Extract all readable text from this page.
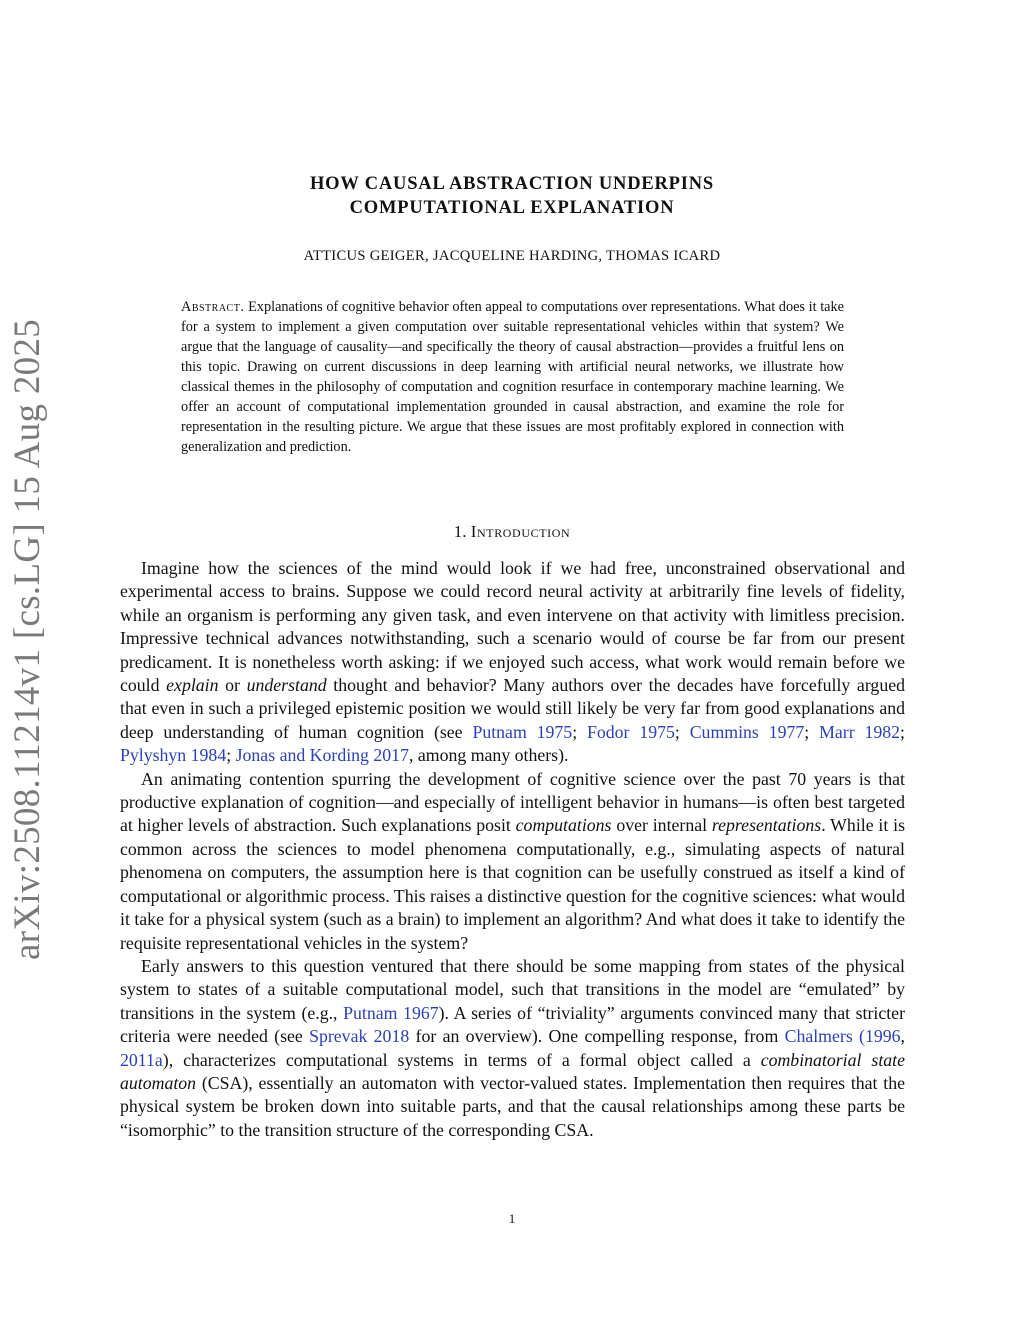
arXiv:2508.11214v1 [cs.LG] 15 Aug 2025
HOW CAUSAL ABSTRACTION UNDERPINS
COMPUTATIONAL EXPLANATION
ATTICUS GEIGER, JACQUELINE HARDING, THOMAS ICARD
Abstract. Explanations of cognitive behavior often appeal to computations over representations. What does it take for a system to implement a given computation over suitable representational vehicles within that system? We argue that the language of causality—and specifically the theory of causal abstraction—provides a fruitful lens on this topic. Drawing on current discussions in deep learning with artificial neural networks, we illustrate how classical themes in the philosophy of computation and cognition resurface in contemporary machine learning. We offer an account of computational implementation grounded in causal abstraction, and examine the role for representation in the resulting picture. We argue that these issues are most profitably explored in connection with generalization and prediction.
1. Introduction

Imagine how the sciences of the mind would look if we had free, unconstrained observational and experimental access to brains. Suppose we could record neural activity at arbitrarily fine levels of fidelity, while an organism is performing any given task, and even intervene on that activity with limitless precision. Impressive technical advances notwithstanding, such a scenario would of course be far from our present predicament. It is nonetheless worth asking: if we enjoyed such access, what work would remain before we could explain or understand thought and behavior? Many authors over the decades have forcefully argued that even in such a privileged epistemic position we would still likely be very far from good explanations and deep understanding of human cognition (see Putnam 1975; Fodor 1975; Cummins 1977; Marr 1982; Pylyshyn 1984; Jonas and Kording 2017, among many others).

An animating contention spurring the development of cognitive science over the past 70 years is that productive explanation of cognition—and especially of intelligent behavior in humans—is often best targeted at higher levels of abstraction. Such explanations posit computations over internal representations. While it is common across the sciences to model phenomena computationally, e.g., simulating aspects of natural phenomena on computers, the assumption here is that cognition can be usefully construed as itself a kind of computational or algorithmic process. This raises a distinctive question for the cognitive sciences: what would it take for a physical system (such as a brain) to implement an algorithm? And what does it take to identify the requisite representational vehicles in the system?

Early answers to this question ventured that there should be some mapping from states of the physical system to states of a suitable computational model, such that transitions in the model are “emulated” by transitions in the system (e.g., Putnam 1967). A series of “triviality” arguments convinced many that stricter criteria were needed (see Sprevak 2018 for an overview). One compelling response, from Chalmers (1996, 2011a), characterizes computational systems in terms of a formal object called a combinatorial state automaton (CSA), essentially an automaton with vector-valued states. Implementation then requires that the physical system be broken down into suitable parts, and that the causal relationships among these parts be “isomorphic” to the transition structure of the corresponding CSA.

1
